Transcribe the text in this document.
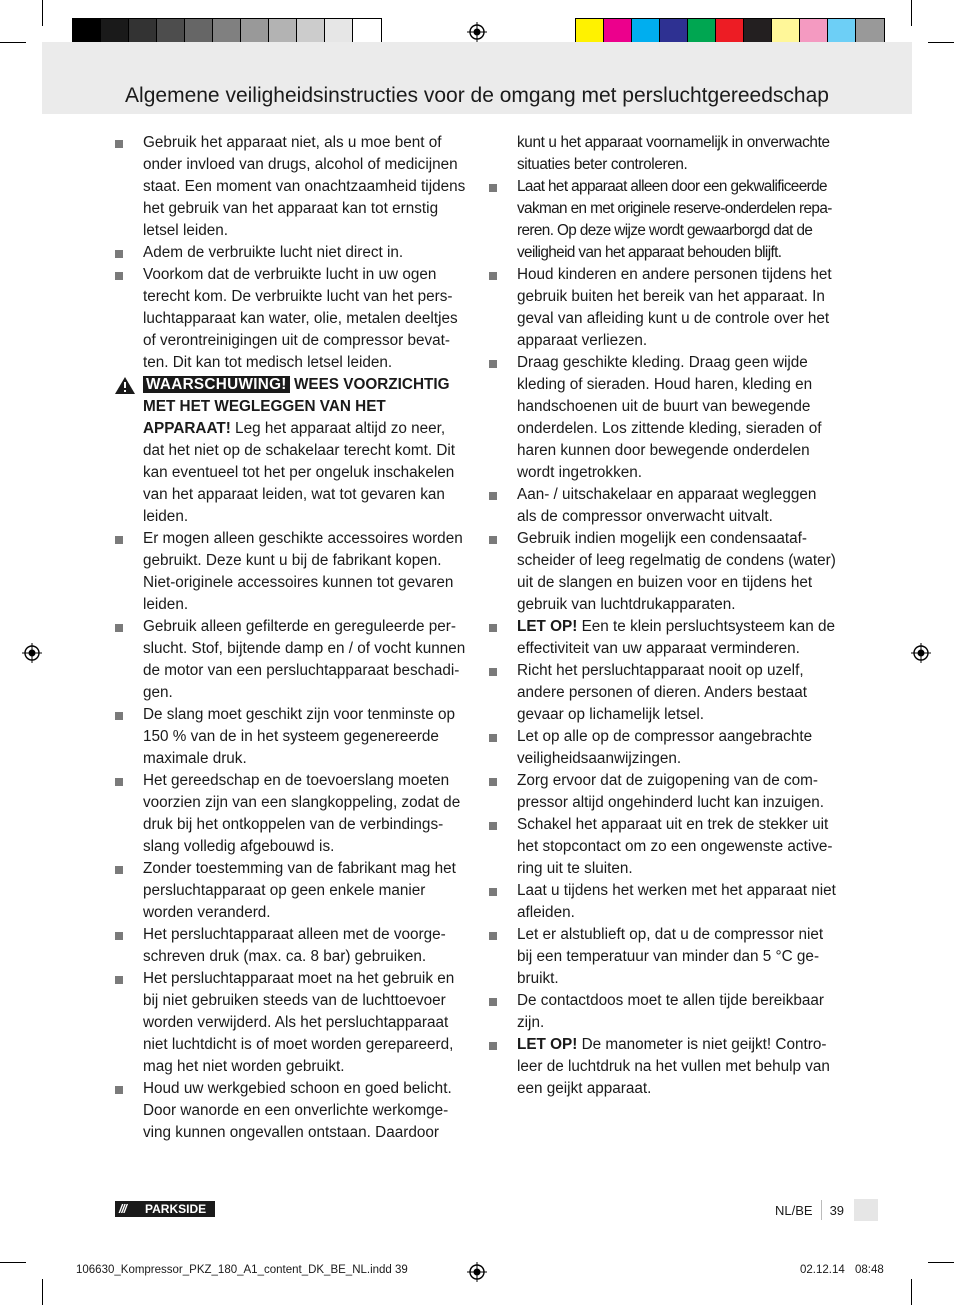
Algemene veiligheidsinstructies voor de omgang met persluchtgereedschap

Gebruik het apparaat niet, als u moe bent of onder invloed van drugs, alcohol of medicijnen staat. Een moment van onachtzaamheid tijdens het gebruik van het apparaat kan tot ernstig letsel leiden.

Adem de verbruikte lucht niet direct in.

Voorkom dat de verbruikte lucht in uw ogen terecht kom. De verbruikte lucht van het persluchtapparaat kan water, olie, metalen deeltjes of verontreinigingen uit de compressor bevatten. Dit kan tot medisch letsel leiden.

WAARSCHUWING! WEES VOORZICHTIG MET HET WEGLEGGEN VAN HET APPARAAT! Leg het apparaat altijd zo neer, dat het niet op de schakelaar terecht komt. Dit kan eventueel tot het per ongeluk inschakelen van het apparaat leiden, wat tot gevaren kan leiden.

Er mogen alleen geschikte accessoires worden gebruikt. Deze kunt u bij de fabrikant kopen. Niet-originele accessoires kunnen tot gevaren leiden.

Gebruik alleen gefilterde en gereguleerde perslucht. Stof, bijtende damp en / of vocht kunnen de motor van een persluchtapparaat beschadigen.

De slang moet geschikt zijn voor tenminste op 150 % van de in het systeem gegenereerde maximale druk.

Het gereedschap en de toevoerslang moeten voorzien zijn van een slangkoppeling, zodat de druk bij het ontkoppelen van de verbindingsslang volledig afgebouwd is.

Zonder toestemming van de fabrikant mag het persluchtapparaat op geen enkele manier worden veranderd.

Het persluchtapparaat alleen met de voorgeschreven druk (max. ca. 8 bar) gebruiken.

Het persluchtapparaat moet na het gebruik en bij niet gebruiken steeds van de luchttoevoer worden verwijderd. Als het persluchtapparaat niet luchtdicht is of moet worden gerepareerd, mag het niet worden gebruikt.

Houd uw werkgebied schoon en goed belicht. Door wanorde en een onverlichte werkomgeving kunnen ongevallen ontstaan. Daardoor

kunt u het apparaat voornamelijk in onverwachte situaties beter controleren.

Laat het apparaat alleen door een gekwalificeerde vakman en met originele reserve-onderdelen repareren. Op deze wijze wordt gewaarborgd dat de veiligheid van het apparaat behouden blijft.

Houd kinderen en andere personen tijdens het gebruik buiten het bereik van het apparaat. In geval van afleiding kunt u de controle over het apparaat verliezen.

Draag geschikte kleding. Draag geen wijde kleding of sieraden. Houd haren, kleding en handschoenen uit de buurt van bewegende onderdelen. Los zittende kleding, sieraden of haren kunnen door bewegende onderdelen wordt ingetrokken.

Aan- / uitschakelaar en apparaat wegleggen als de compressor onverwacht uitvalt.

Gebruik indien mogelijk een condensaatafscheider of leeg regelmatig de condens (water) uit de slangen en buizen voor en tijdens het gebruik van luchtdrukapparaten.

LET OP! Een te klein persluchtsysteem kan de effectiviteit van uw apparaat verminderen.

Richt het persluchtapparaat nooit op uzelf, andere personen of dieren. Anders bestaat gevaar op lichamelijk letsel.

Let op alle op de compressor aangebrachte veiligheidsaanwijzingen.

Zorg ervoor dat de zuigopening van de compressor altijd ongehinderd lucht kan inzuigen.

Schakel het apparaat uit en trek de stekker uit het stopcontact om zo een ongewenste activering uit te sluiten.

Laat u tijdens het werken met het apparaat niet afleiden.

Let er alstublieft op, dat u de compressor niet bij een temperatuur van minder dan 5 °C gebruikt.

De contactdoos moet te allen tijde bereikbaar zijn.

LET OP! De manometer is niet geijkt! Controleer de luchtdruk na het vullen met behulp van een geijkt apparaat.

///	PARKSIDE	NL/BE 39
106630_Kompressor_PKZ_180_A1_content_DK_BE_NL.indd 39	02.12.14 08:48
